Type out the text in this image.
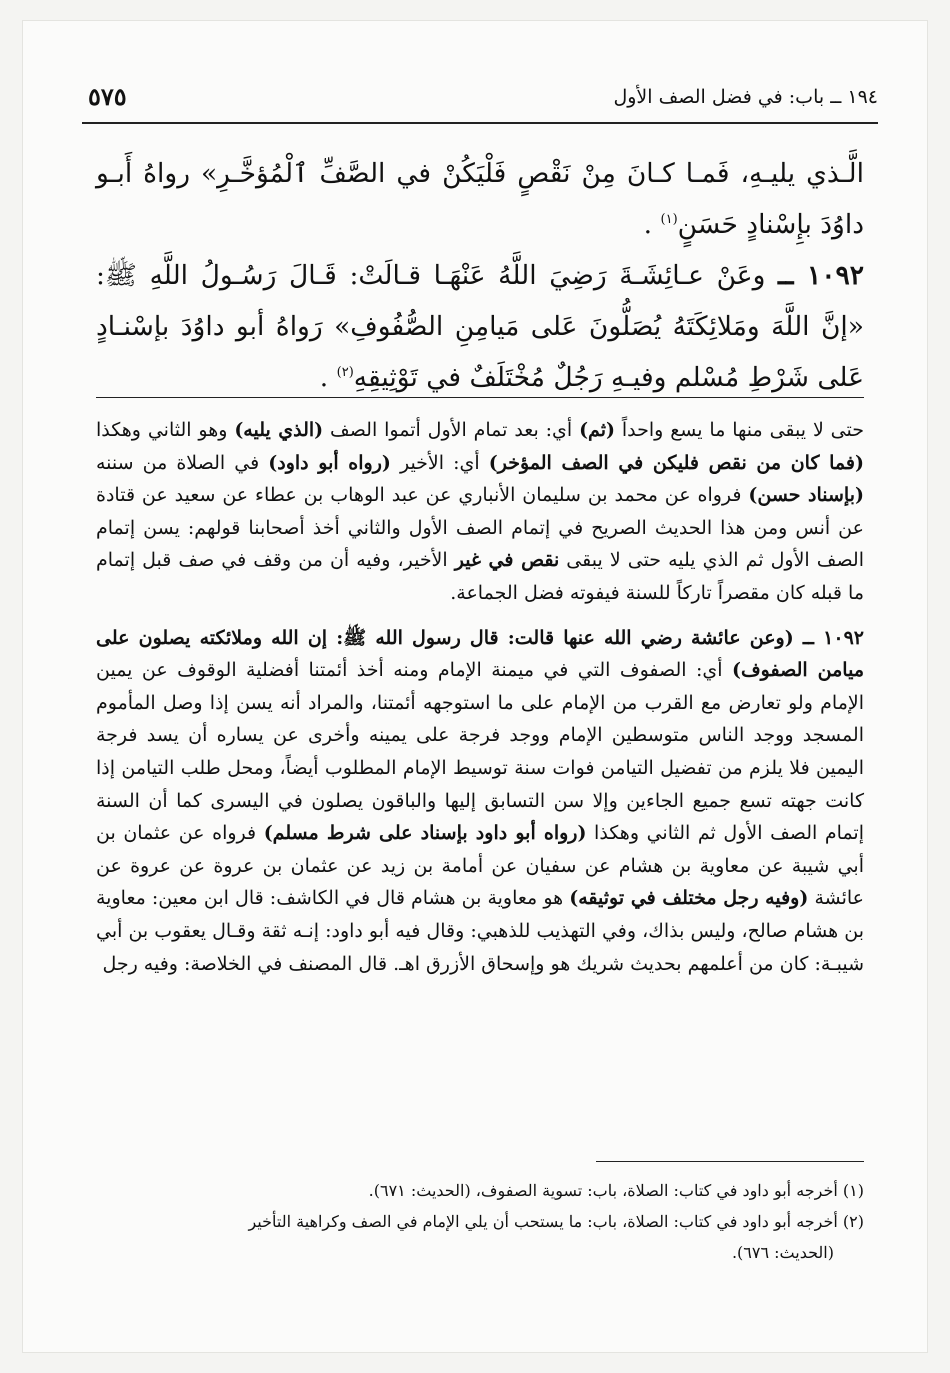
١٩٤ ــ باب: في فضل الصف الأول
٥٧٥

الَّـذي يليـهِ، فَمـا كـانَ مِنْ نَقْصٍ فَلْيَكُنْ في الصَّفِّ ٱلْمُؤخَّـرِ» رواهُ أَبـو داوُدَ بإِسْنادٍ حَسَنٍ$^{(١)}$ .

١٠٩٢ ــ وعَنْ عـائِشَـةَ رَضِيَ اللَّهُ عَنْهَـا قـالَتْ: قَـالَ رَسُـولُ اللَّهِ ﷺ: «إنَّ اللَّهَ ومَلائِكَتَهُ يُصَلُّونَ عَلى مَيامِنِ الصُّفُوفِ» رَواهُ أبو داوُدَ بإسْنـادٍ عَلى شَرْطِ مُسْلم وفيـهِ رَجُلٌ مُخْتَلَفٌ في تَوْثِيقِهِ$^{(٢)}$ .

حتى لا يبقى منها ما يسع واحداً (ثم) أي: بعد تمام الأول أتموا الصف (الذي يليه) وهو الثاني وهكذا (فما كان من نقص فليكن في الصف المؤخر) أي: الأخير (رواه أبو داود) في الصلاة من سننه (بإسناد حسن) فرواه عن محمد بن سليمان الأنباري عن عبد الوهاب بن عطاء عن سعيد عن قتادة عن أنس ومن هذا الحديث الصريح في إتمام الصف الأول والثاني أخذ أصحابنا قولهم: يسن إتمام الصف الأول ثم الذي يليه حتى لا يبقى نقص في غير الأخير، وفيه أن من وقف في صف قبل إتمام ما قبله كان مقصراً تاركاً للسنة فيفوته فضل الجماعة.

١٠٩٢ ــ (وعن عائشة رضي الله عنها قالت: قال رسول الله ﷺ: إن الله وملائكته يصلون على ميامن الصفوف) أي: الصفوف التي في ميمنة الإمام ومنه أخذ أئمتنا أفضلية الوقوف عن يمين الإمام ولو تعارض مع القرب من الإمام على ما استوجهه أئمتنا، والمراد أنه يسن إذا وصل المأموم المسجد ووجد الناس متوسطين الإمام ووجد فرجة على يمينه وأخرى عن يساره أن يسد فرجة اليمين فلا يلزم من تفضيل التيامن فوات سنة توسيط الإمام المطلوب أيضاً، ومحل طلب التيامن إذا كانت جهته تسع جميع الجاءين وإلا سن التسابق إليها والباقون يصلون في اليسرى كما أن السنة إتمام الصف الأول ثم الثاني وهكذا (رواه أبو داود بإسناد على شرط مسلم) فرواه عن عثمان بن أبي شيبة عن معاوية بن هشام عن سفيان عن أمامة بن زيد عن عثمان بن عروة عن عروة عن عائشة (وفيه رجل مختلف في توثيقه) هو معاوية بن هشام قال في الكاشف: قال ابن معين: معاوية بن هشام صالح، وليس بذاك، وفي التهذيب للذهبي: وقال فيه أبو داود: إنـه ثقة وقـال يعقوب بن أبي شيبـة: كان من أعلمهم بحديث شريك هو وإسحاق الأزرق اهـ. قال المصنف في الخلاصة: وفيه رجل

(١) أخرجه أبو داود في كتاب: الصلاة، باب: تسوية الصفوف، (الحديث: ٦٧١).

(٢) أخرجه أبو داود في كتاب: الصلاة، باب: ما يستحب أن يلي الإمام في الصف وكراهية التأخير

(الحديث: ٦٧٦).
